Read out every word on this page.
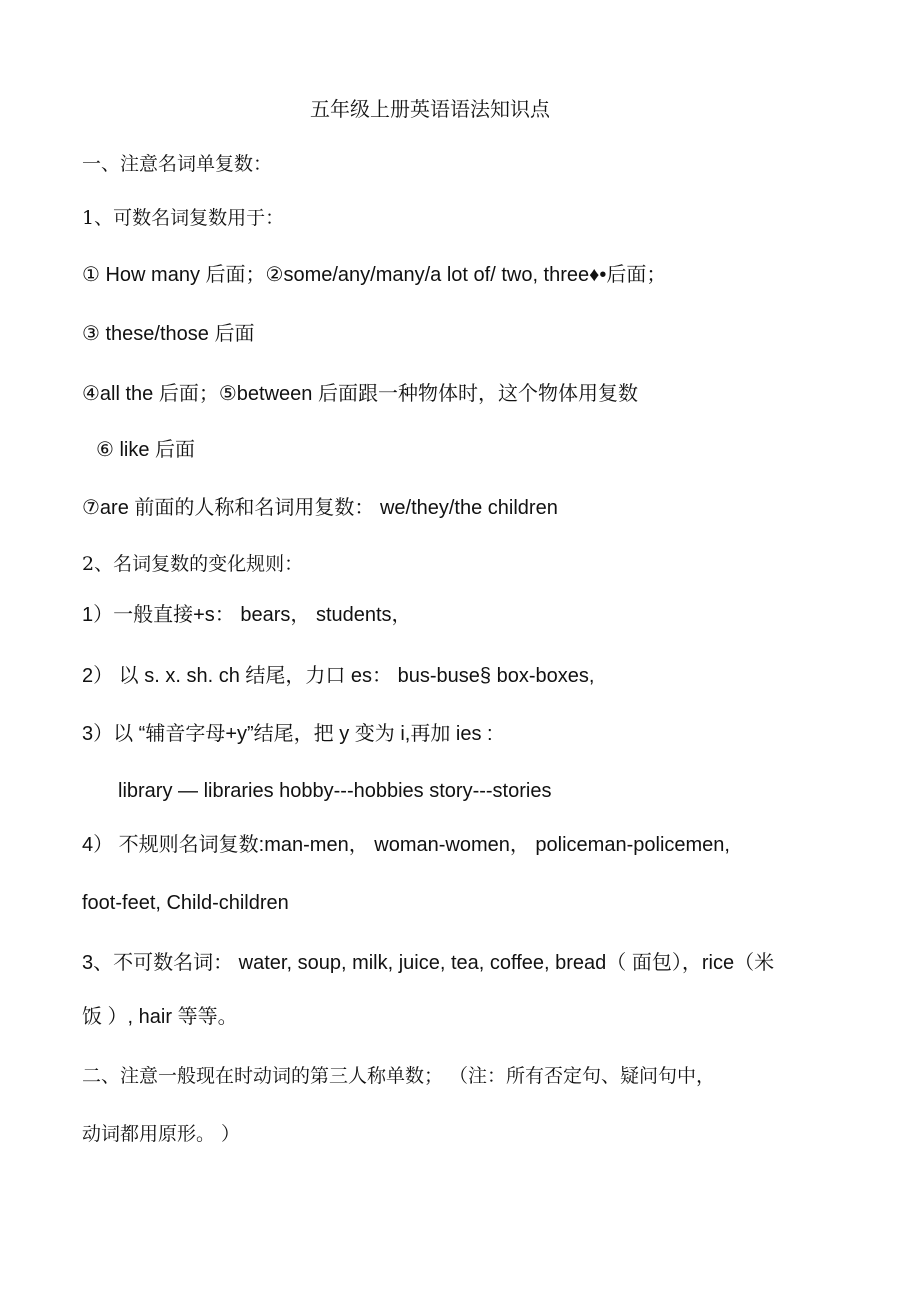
五年级上册英语语法知识点
一、注意名词单复数：
1、可数名词复数用于：
① How many 后面；②some/any/many/a lot of/ two, three♦•后面；
③ these/those 后面
④all the 后面；⑤between 后面跟一种物体时，这个物体用复数
⑥ like 后面
⑦are 前面的人称和名词用复数： we/they/the children
2、名词复数的变化规则：
1）一般直接+s： bears， students，
2） 以 s. x. sh. ch 结尾，力口 es： bus-buse§ box-boxes,
3）以 “辅音字母+y”结尾，把 y 变为 i,再加 ies :
library — libraries hobby---hobbies story---stories
4） 不规则名词复数:man-men， woman-women， policeman-policemen,
foot-feet, Child-children
3、不可数名词： water, soup, milk, juice, tea, coffee, bread（ 面包），rice（米
饭 ）, hair 等等。
二、注意一般现在时动词的第三人称单数； （注：所有否定句、疑问句中，
动词都用原形。 ）
